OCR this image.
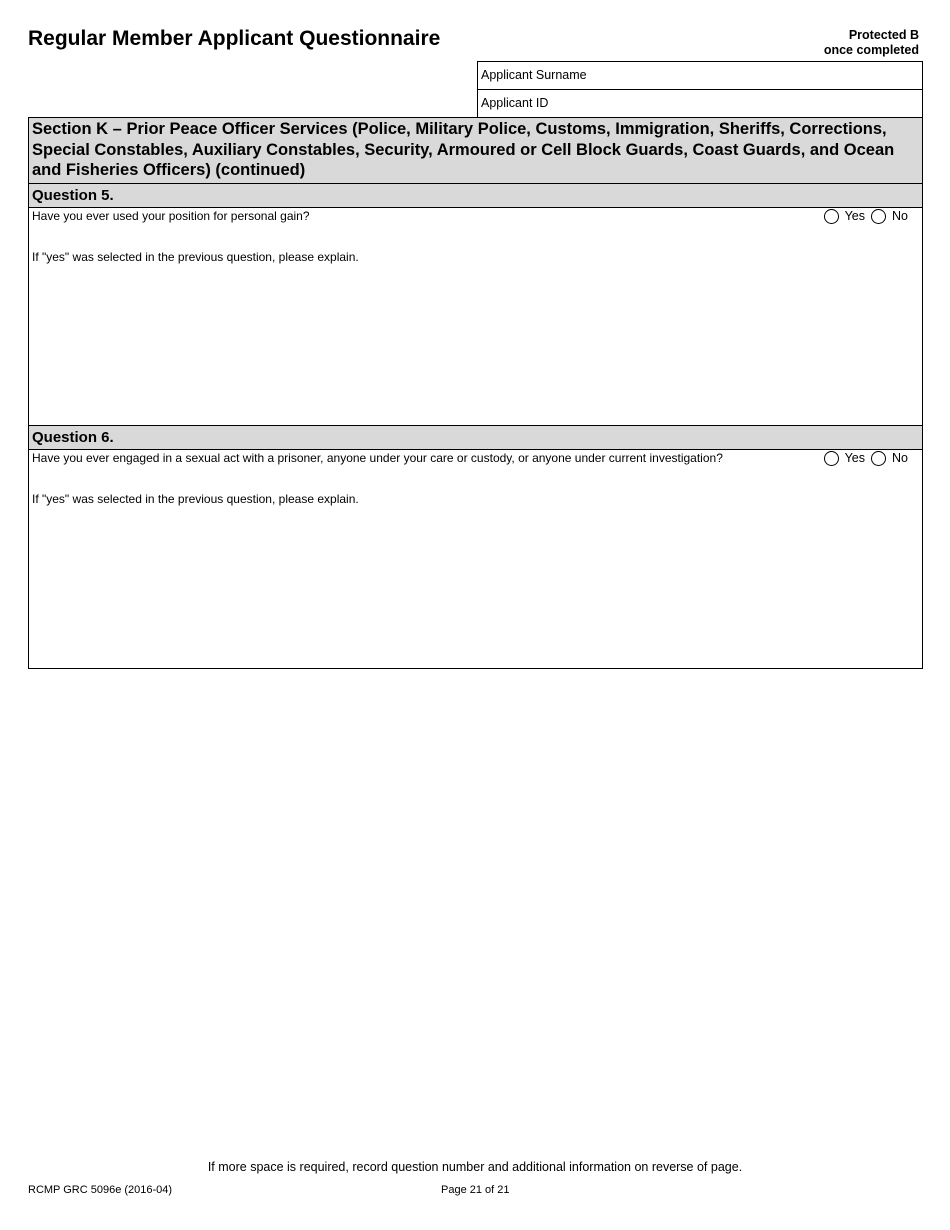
Regular Member Applicant Questionnaire	Protected B
once completed
Applicant Surname
Applicant ID
Section K – Prior Peace Officer Services (Police, Military Police, Customs, Immigration, Sheriffs, Corrections, Special Constables, Auxiliary Constables, Security, Armoured or Cell Block Guards, Coast Guards, and Ocean and Fisheries Officers) (continued)
Question 5.
Have you ever used your position for personal gain?	Yes No
If "yes" was selected in the previous question, please explain.
Question 6.
Have you ever engaged in a sexual act with a prisoner, anyone under your care or custody, or anyone under current investigation?	Yes No
If "yes" was selected in the previous question, please explain.
If more space is required, record question number and additional information on reverse of page.
RCMP GRC 5096e (2016-04)	Page 21 of 21
